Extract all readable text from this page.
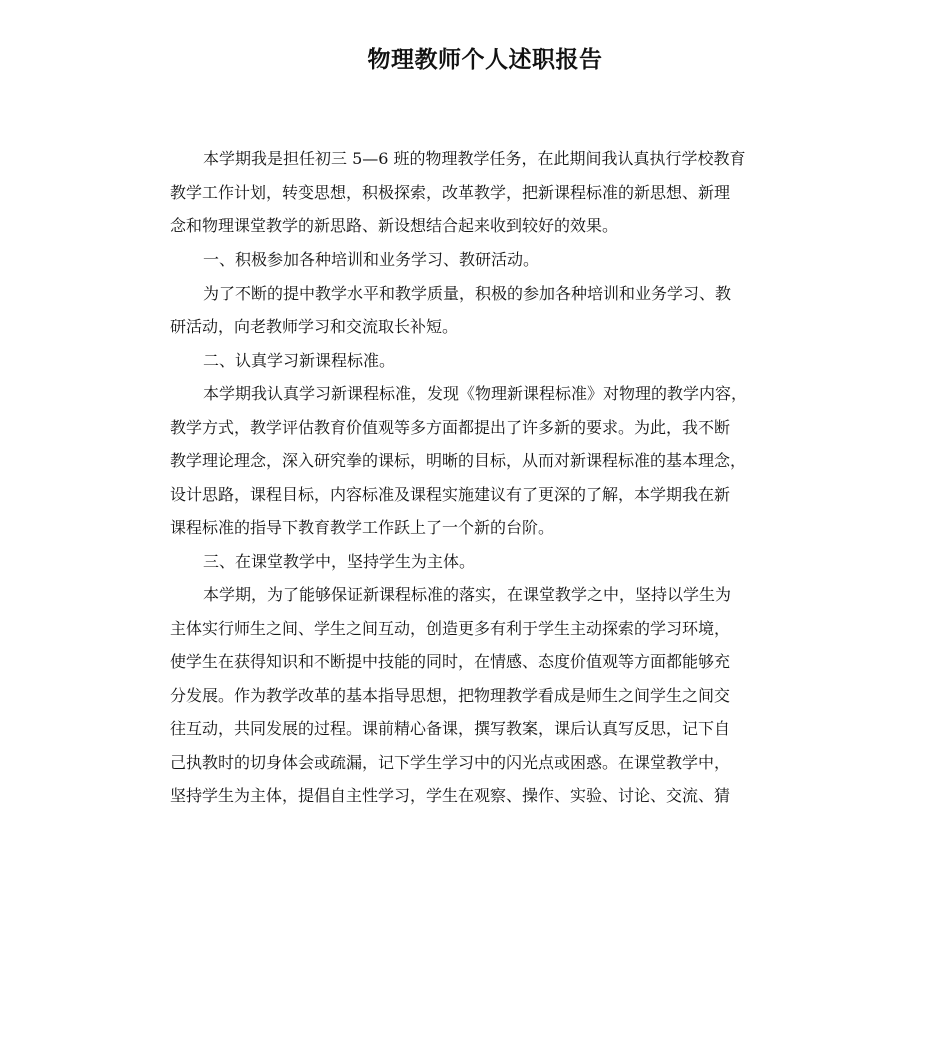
物理教师个人述职报告

本学期我是担任初三 5—6 班的物理教学任务，在此期间我认真执行学校教育

教学工作计划，转变思想，积极探索，改革教学，把新课程标准的新思想、新理

念和物理课堂教学的新思路、新设想结合起来收到较好的效果。

一、积极参加各种培训和业务学习、教研活动。

为了不断的提中教学水平和教学质量，积极的参加各种培训和业务学习、教

研活动，向老教师学习和交流取长补短。

二、认真学习新课程标准。

本学期我认真学习新课程标准，发现《物理新课程标准》对物理的教学内容，

教学方式，教学评估教育价值观等多方面都提出了许多新的要求。为此，我不断

教学理论理念，深入研究拳的课标，明晰的目标，从而对新课程标准的基本理念，

设计思路，课程目标，内容标准及课程实施建议有了更深的了解，本学期我在新

课程标准的指导下教育教学工作跃上了一个新的台阶。

三、在课堂教学中，坚持学生为主体。

本学期，为了能够保证新课程标准的落实，在课堂教学之中，坚持以学生为

主体实行师生之间、学生之间互动，创造更多有利于学生主动探索的学习环境，

使学生在获得知识和不断提中技能的同时，在情感、态度价值观等方面都能够充

分发展。作为教学改革的基本指导思想，把物理教学看成是师生之间学生之间交

往互动，共同发展的过程。课前精心备课，撰写教案，课后认真写反思，记下自

己执教时的切身体会或疏漏，记下学生学习中的闪光点或困惑。在课堂教学中，

坚持学生为主体，提倡自主性学习，学生在观察、操作、实验、讨论、交流、猜
